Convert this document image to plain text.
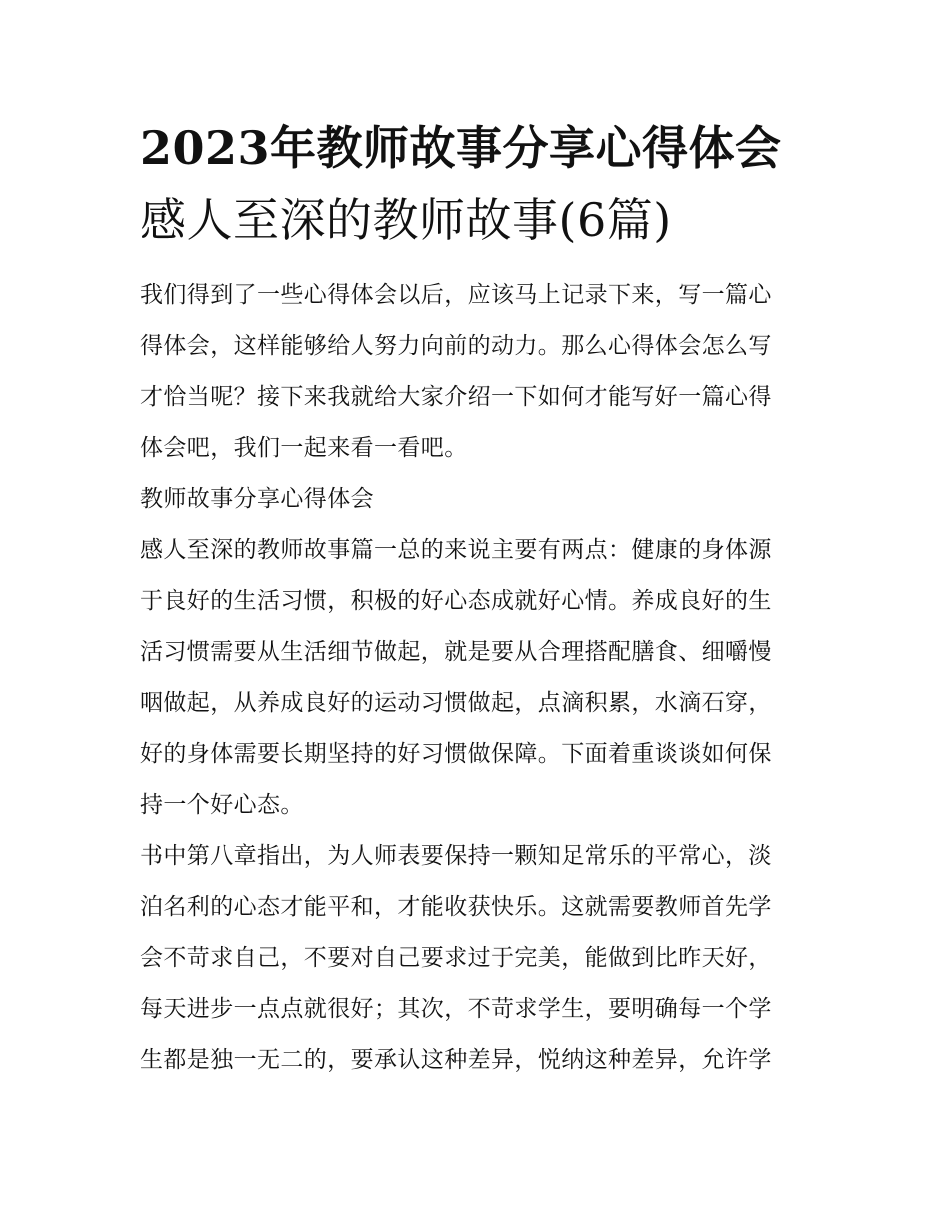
2023年教师故事分享心得体会
感人至深的教师故事(6篇)

我们得到了一些心得体会以后，应该马上记录下来，写一篇心
得体会，这样能够给人努力向前的动力。那么心得体会怎么写
才恰当呢？接下来我就给大家介绍一下如何才能写好一篇心得
体会吧，我们一起来看一看吧。

教师故事分享心得体会

感人至深的教师故事篇一总的来说主要有两点：健康的身体源
于良好的生活习惯，积极的好心态成就好心情。养成良好的生
活习惯需要从生活细节做起，就是要从合理搭配膳食、细嚼慢
咽做起，从养成良好的运动习惯做起，点滴积累，水滴石穿，
好的身体需要长期坚持的好习惯做保障。下面着重谈谈如何保
持一个好心态。

书中第八章指出，为人师表要保持一颗知足常乐的平常心，淡
泊名利的心态才能平和，才能收获快乐。这就需要教师首先学
会不苛求自己，不要对自己要求过于完美，能做到比昨天好，
每天进步一点点就很好；其次，不苛求学生，要明确每一个学
生都是独一无二的，要承认这种差异，悦纳这种差异，允许学
